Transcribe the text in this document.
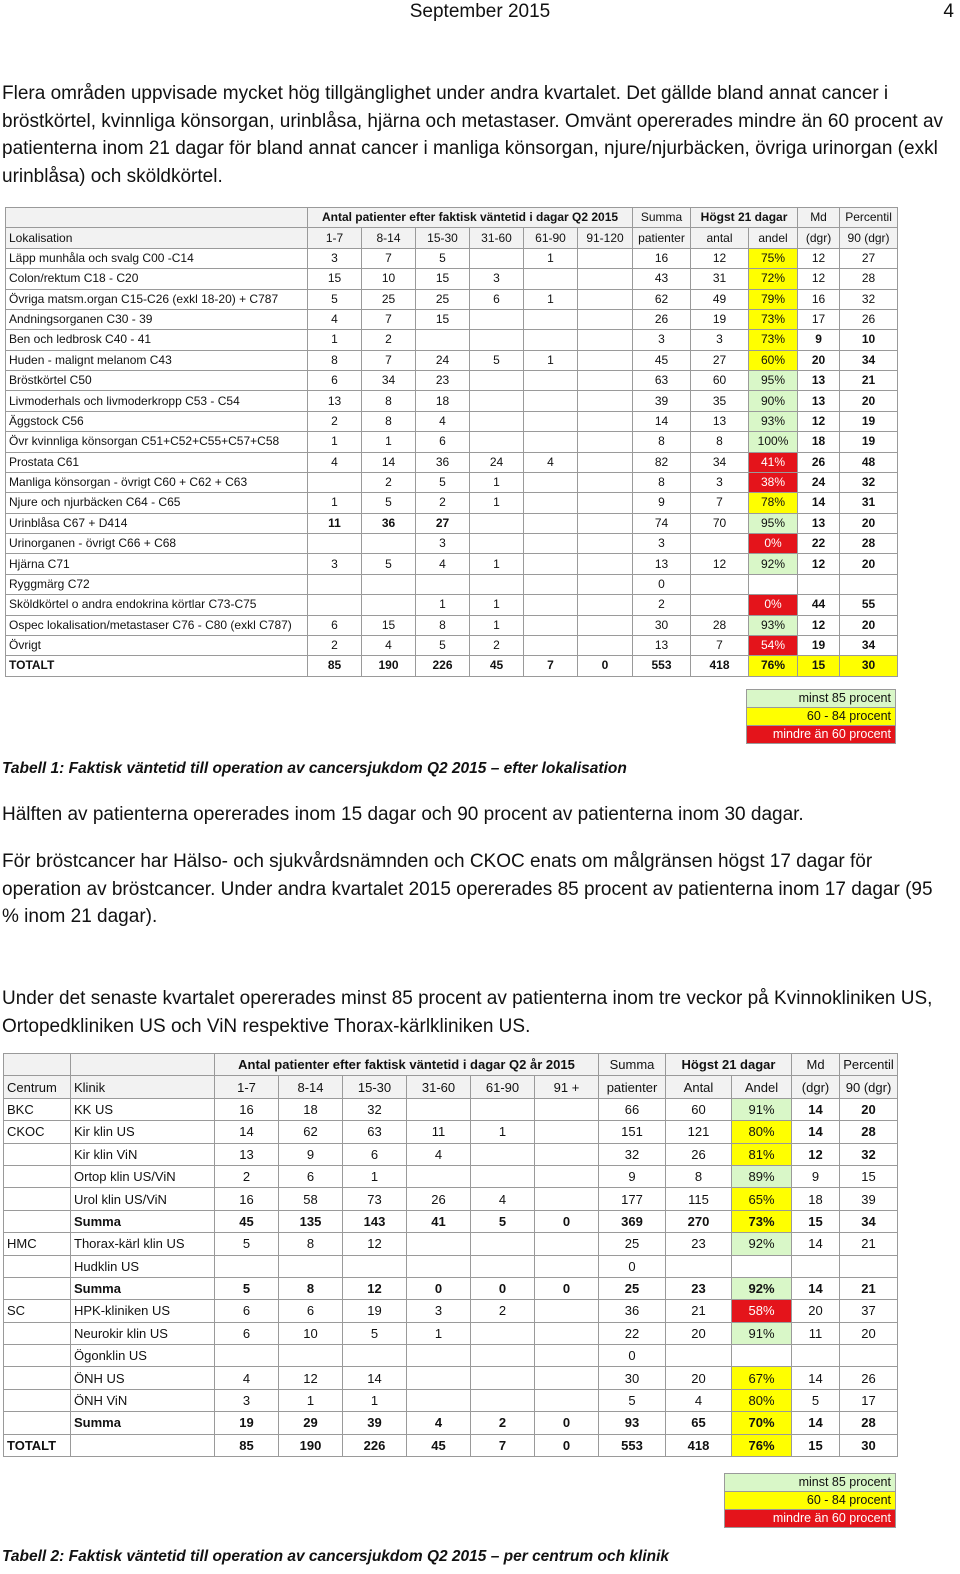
September 2015	4

Flera områden uppvisade mycket hög tillgänglighet under andra kvartalet. Det gällde bland annat cancer i bröstkörtel, kvinnliga könsorgan, urinblåsa, hjärna och metastaser. Omvänt opererades mindre än 60 procent av patienterna inom 21 dagar för bland annat cancer i manliga könsorgan, njure/njurbäcken, övriga urinorgan (exkl urinblåsa) och sköldkörtel.

	Antal patienter efter faktisk väntetid i dagar Q2 2015						Summa	Högst 21 dagar		Md	Percentil
Lokalisation	1-7	8-14	15-30	31-60	61-90	91-120	patienter	antal	andel	(dgr)	90 (dgr)
Läpp munhåla och svalg C00 -C14	3	7	5		1		16	12	75%	12	27
Colon/rektum C18 - C20	15	10	15	3			43	31	72%	12	28
Övriga matsm.organ C15-C26 (exkl 18-20) + C787	5	25	25	6	1		62	49	79%	16	32
Andningsorganen C30 - 39	4	7	15				26	19	73%	17	26
Ben och ledbrosk C40 - 41	1	2					3	3	73%	9	10
Huden - malignt melanom C43	8	7	24	5	1		45	27	60%	20	34
Bröstkörtel C50	6	34	23				63	60	95%	13	21
Livmoderhals och livmoderkropp C53 - C54	13	8	18				39	35	90%	13	20
Äggstock C56	2	8	4				14	13	93%	12	19
Övr kvinnliga könsorgan C51+C52+C55+C57+C58	1	1	6				8	8	100%	18	19
Prostata C61	4	14	36	24	4		82	34	41%	26	48
Manliga könsorgan - övrigt C60 + C62 + C63		2	5	1			8	3	38%	24	32
Njure och njurbäcken C64 - C65	1	5	2	1			9	7	78%	14	31
Urinblåsa C67 + D414	11	36	27				74	70	95%	13	20
Urinorganen - övrigt C66 + C68			3				3		0%	22	28
Hjärna C71	3	5	4	1			13	12	92%	12	20
Ryggmärg C72							0				
Sköldkörtel o andra endokrina körtlar C73-C75			1	1			2		0%	44	55
Ospec lokalisation/metastaser C76 - C80 (exkl C787)	6	15	8	1			30	28	93%	12	20
Övrigt	2	4	5	2			13	7	54%	19	34
TOTALT	85	190	226	45	7	0	553	418	76%	15	30
minst 85 procent
60 - 84 procent
mindre än 60 procent
Tabell 1: Faktisk väntetid till operation av cancersjukdom Q2 2015 – efter lokalisation

Hälften av patienterna opererades inom 15 dagar och 90 procent av patienterna inom 30 dagar.

För bröstcancer har Hälso- och sjukvårdsnämnden och CKOC enats om målgränsen högst 17 dagar för operation av bröstcancer. Under andra kvartalet 2015 opererades 85 procent av patienterna inom 17 dagar (95 % inom 21 dagar).

Under det senaste kvartalet opererades minst 85 procent av patienterna inom tre veckor på Kvinnokliniken US, Ortopedkliniken US och ViN respektive Thorax-kärlkliniken US.

		Antal patienter efter faktisk väntetid i dagar Q2 år 2015						Summa	Högst 21 dagar		Md	Percentil
Centrum	Klinik	1-7	8-14	15-30	31-60	61-90	91 +	patienter	Antal	Andel	(dgr)	90 (dgr)
BKC	KK US	16	18	32				66	60	91%	14	20
CKOC	Kir klin US	14	62	63	11	1		151	121	80%	14	28
	Kir klin ViN	13	9	6	4			32	26	81%	12	32
	Ortop klin US/ViN	2	6	1				9	8	89%	9	15
	Urol klin US/ViN	16	58	73	26	4		177	115	65%	18	39
	Summa	45	135	143	41	5	0	369	270	73%	15	34
HMC	Thorax-kärl klin US	5	8	12				25	23	92%	14	21
	Hudklin US							0				
	Summa	5	8	12	0	0	0	25	23	92%	14	21
SC	HPK-kliniken US	6	6	19	3	2		36	21	58%	20	37
	Neurokir klin US	6	10	5	1			22	20	91%	11	20
	Ögonklin US							0				
	ÖNH US	4	12	14				30	20	67%	14	26
	ÖNH ViN	3	1	1				5	4	80%	5	17
	Summa	19	29	39	4	2	0	93	65	70%	14	28
TOTALT		85	190	226	45	7	0	553	418	76%	15	30
minst 85 procent
60 - 84 procent
mindre än 60 procent
Tabell 2: Faktisk väntetid till operation av cancersjukdom Q2 2015 – per centrum och klinik
